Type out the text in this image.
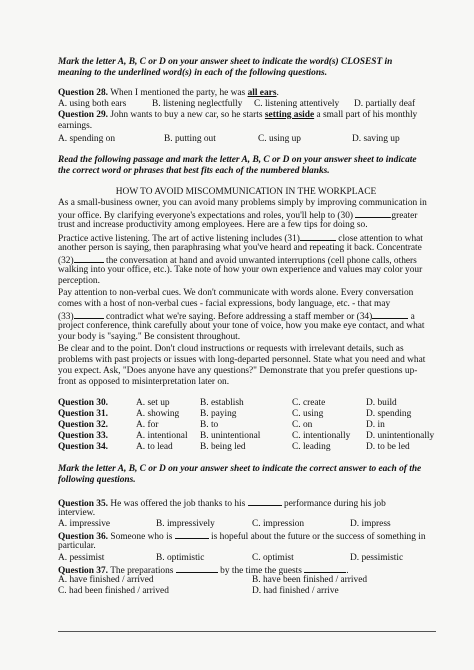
Mark the letter A, B, C or D on your answer sheet to indicate the word(s) CLOSEST in
meaning to the underlined word(s) in each of the following questions.
Question 28. When I mentioned the party, he was all ears.
A. using both ears	B. listening neglectfully C. listening attentively D. partially deaf
Question 29. John wants to buy a new car, so he starts setting aside a small part of his monthly
earnings.
A. spending on	B. putting out	C. using up	D. saving up
Read the following passage and mark the letter A, B, C or D on your answer sheet to indicate
the correct word or phrases that best fits each of the numbered blanks.
HOW TO AVOID MISCOMMUNICATION IN THE WORKPLACE
As a small-business owner, you can avoid many problems simply by improving communication in
your office. By clarifying everyone's expectations and roles, you'll help to (30)	greater
trust and increase productivity among employees. Here are a few tips for doing so.
Practice active listening. The art of active listening includes (31)	close attention to what
another person is saying, then paraphrasing what you've heard and repeating it back. Concentrate
(32)	the conversation at hand and avoid unwanted interruptions (cell phone calls, others
walking into your office, etc.). Take note of how your own experience and values may color your
perception.
Pay attention to non-verbal cues. We don't communicate with words alone. Every conversation
comes with a host of non-verbal cues - facial expressions, body language, etc. - that may
(33)	contradict what we're saying. Before addressing a staff member or (34)	a
project conference, think carefully about your tone of voice, how you make eye contact, and what
your body is "saying." Be consistent throughout.
Be clear and to the point. Don't cloud instructions or requests with irrelevant details, such as
problems with past projects or issues with long-departed personnel. State what you need and what
you expect. Ask, "Does anyone have any questions?" Demonstrate that you prefer questions up-
front as opposed to misinterpretation later on.
Question 30.	A. set up	B. establish	C. create	D. build
Question 31.	A. showing B. paying	C. using	D. spending
Question 32.	A. for	B. to	C. on	D. in
Question 33.	A. intentional B. unintentional	C. intentionally D. unintentionally
Question 34.	A. to lead	B. being led	C. leading	D. to be led
Mark the letter A, B, C or D on your answer sheet to indicate the correct answer to each of the
following questions.
Question 35. He was offered the job thanks to his	performance during his job
interview.
A. impressive	B. impressively	C. impression	D. impress
Question 36. Someone who is	is hopeful about the future or the success of something in
particular.
A. pessimist	B. optimistic	C. optimist	D. pessimistic
Question 37. The preparations	by the time the guests	.
A. have finished / arrived	B. have been finished / arrived
C. had been finished / arrived	D. had finished / arrive
